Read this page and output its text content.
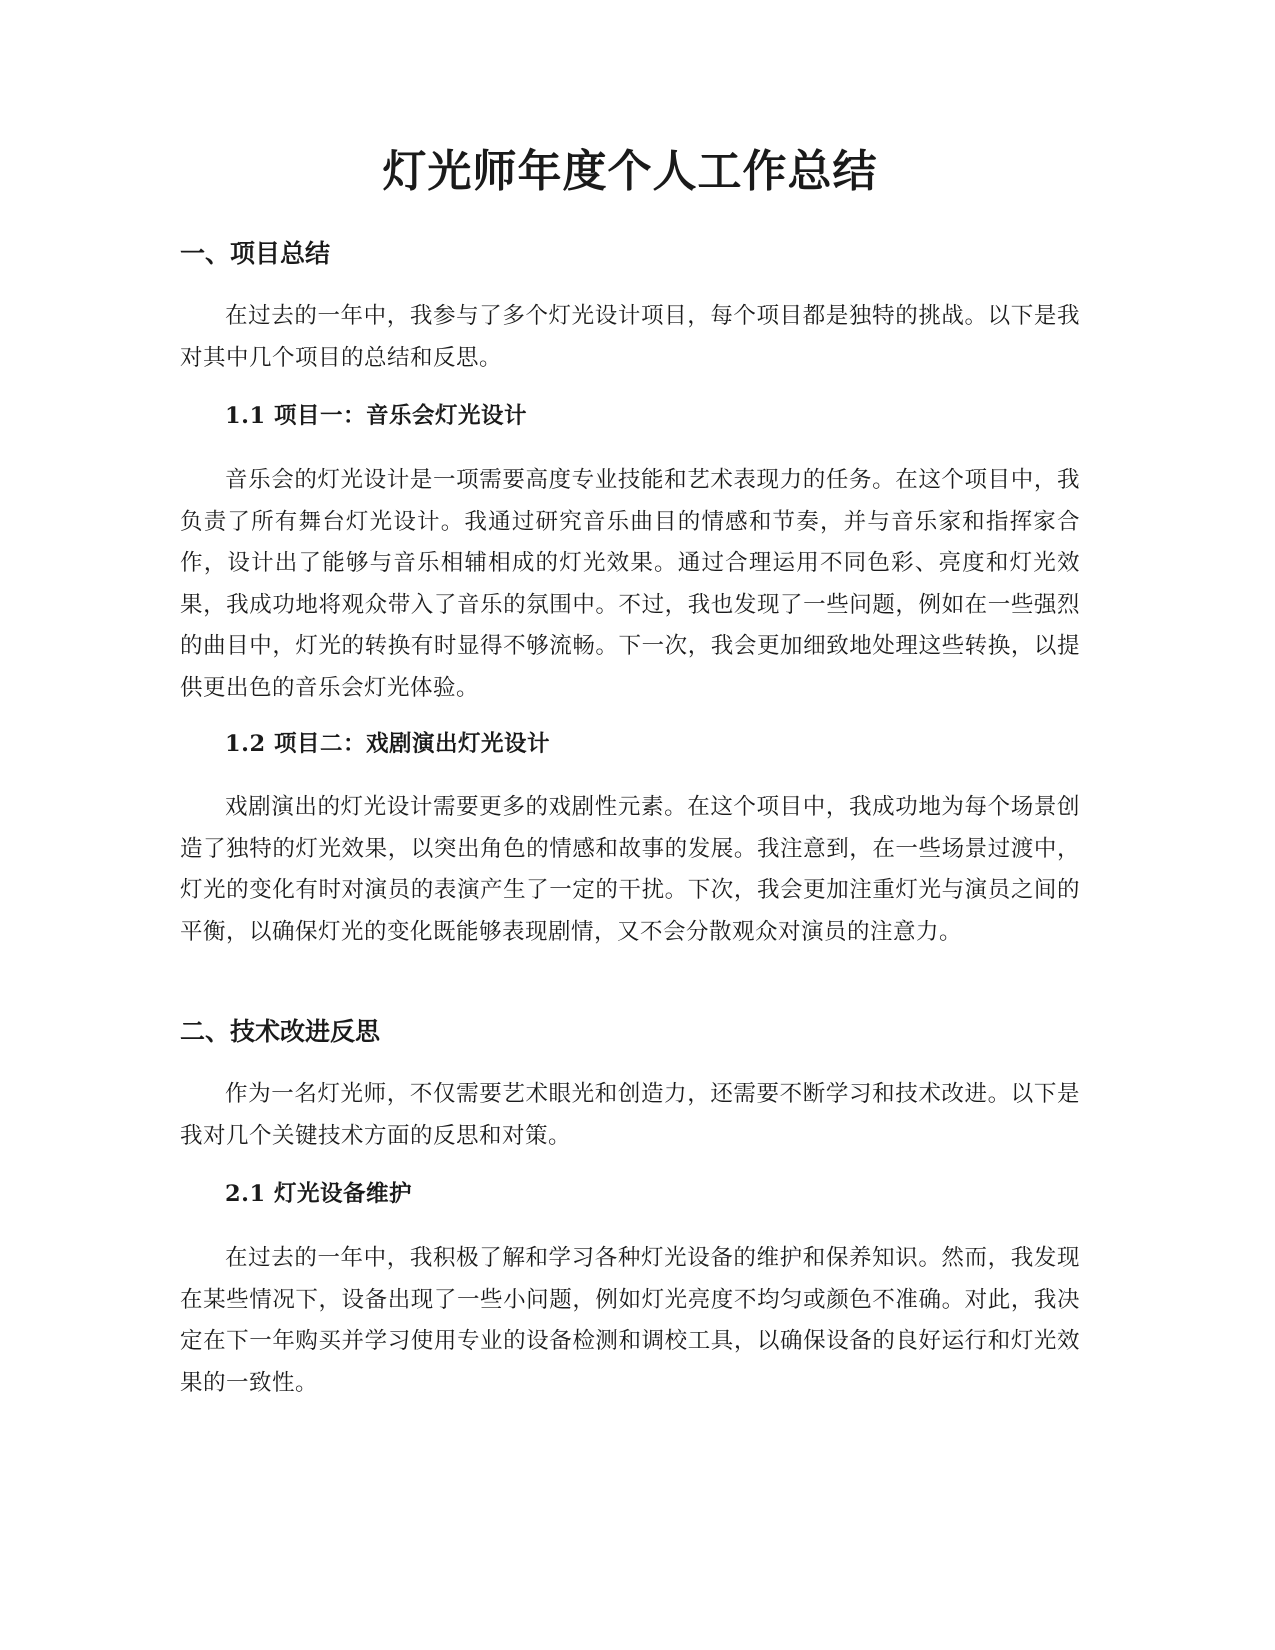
灯光师年度个人工作总结
一、项目总结

在过去的一年中，我参与了多个灯光设计项目，每个项目都是独特的挑战。以下是我对其中几个项目的总结和反思。

1.1 项目一：音乐会灯光设计

音乐会的灯光设计是一项需要高度专业技能和艺术表现力的任务。在这个项目中，我负责了所有舞台灯光设计。我通过研究音乐曲目的情感和节奏，并与音乐家和指挥家合作，设计出了能够与音乐相辅相成的灯光效果。通过合理运用不同色彩、亮度和灯光效果，我成功地将观众带入了音乐的氛围中。不过，我也发现了一些问题，例如在一些强烈的曲目中，灯光的转换有时显得不够流畅。下一次，我会更加细致地处理这些转换，以提供更出色的音乐会灯光体验。

1.2 项目二：戏剧演出灯光设计

戏剧演出的灯光设计需要更多的戏剧性元素。在这个项目中，我成功地为每个场景创造了独特的灯光效果，以突出角色的情感和故事的发展。我注意到，在一些场景过渡中，灯光的变化有时对演员的表演产生了一定的干扰。下次，我会更加注重灯光与演员之间的平衡，以确保灯光的变化既能够表现剧情，又不会分散观众对演员的注意力。

二、技术改进反思

作为一名灯光师，不仅需要艺术眼光和创造力，还需要不断学习和技术改进。以下是我对几个关键技术方面的反思和对策。

2.1 灯光设备维护

在过去的一年中，我积极了解和学习各种灯光设备的维护和保养知识。然而，我发现在某些情况下，设备出现了一些小问题，例如灯光亮度不均匀或颜色不准确。对此，我决定在下一年购买并学习使用专业的设备检测和调校工具，以确保设备的良好运行和灯光效果的一致性。
